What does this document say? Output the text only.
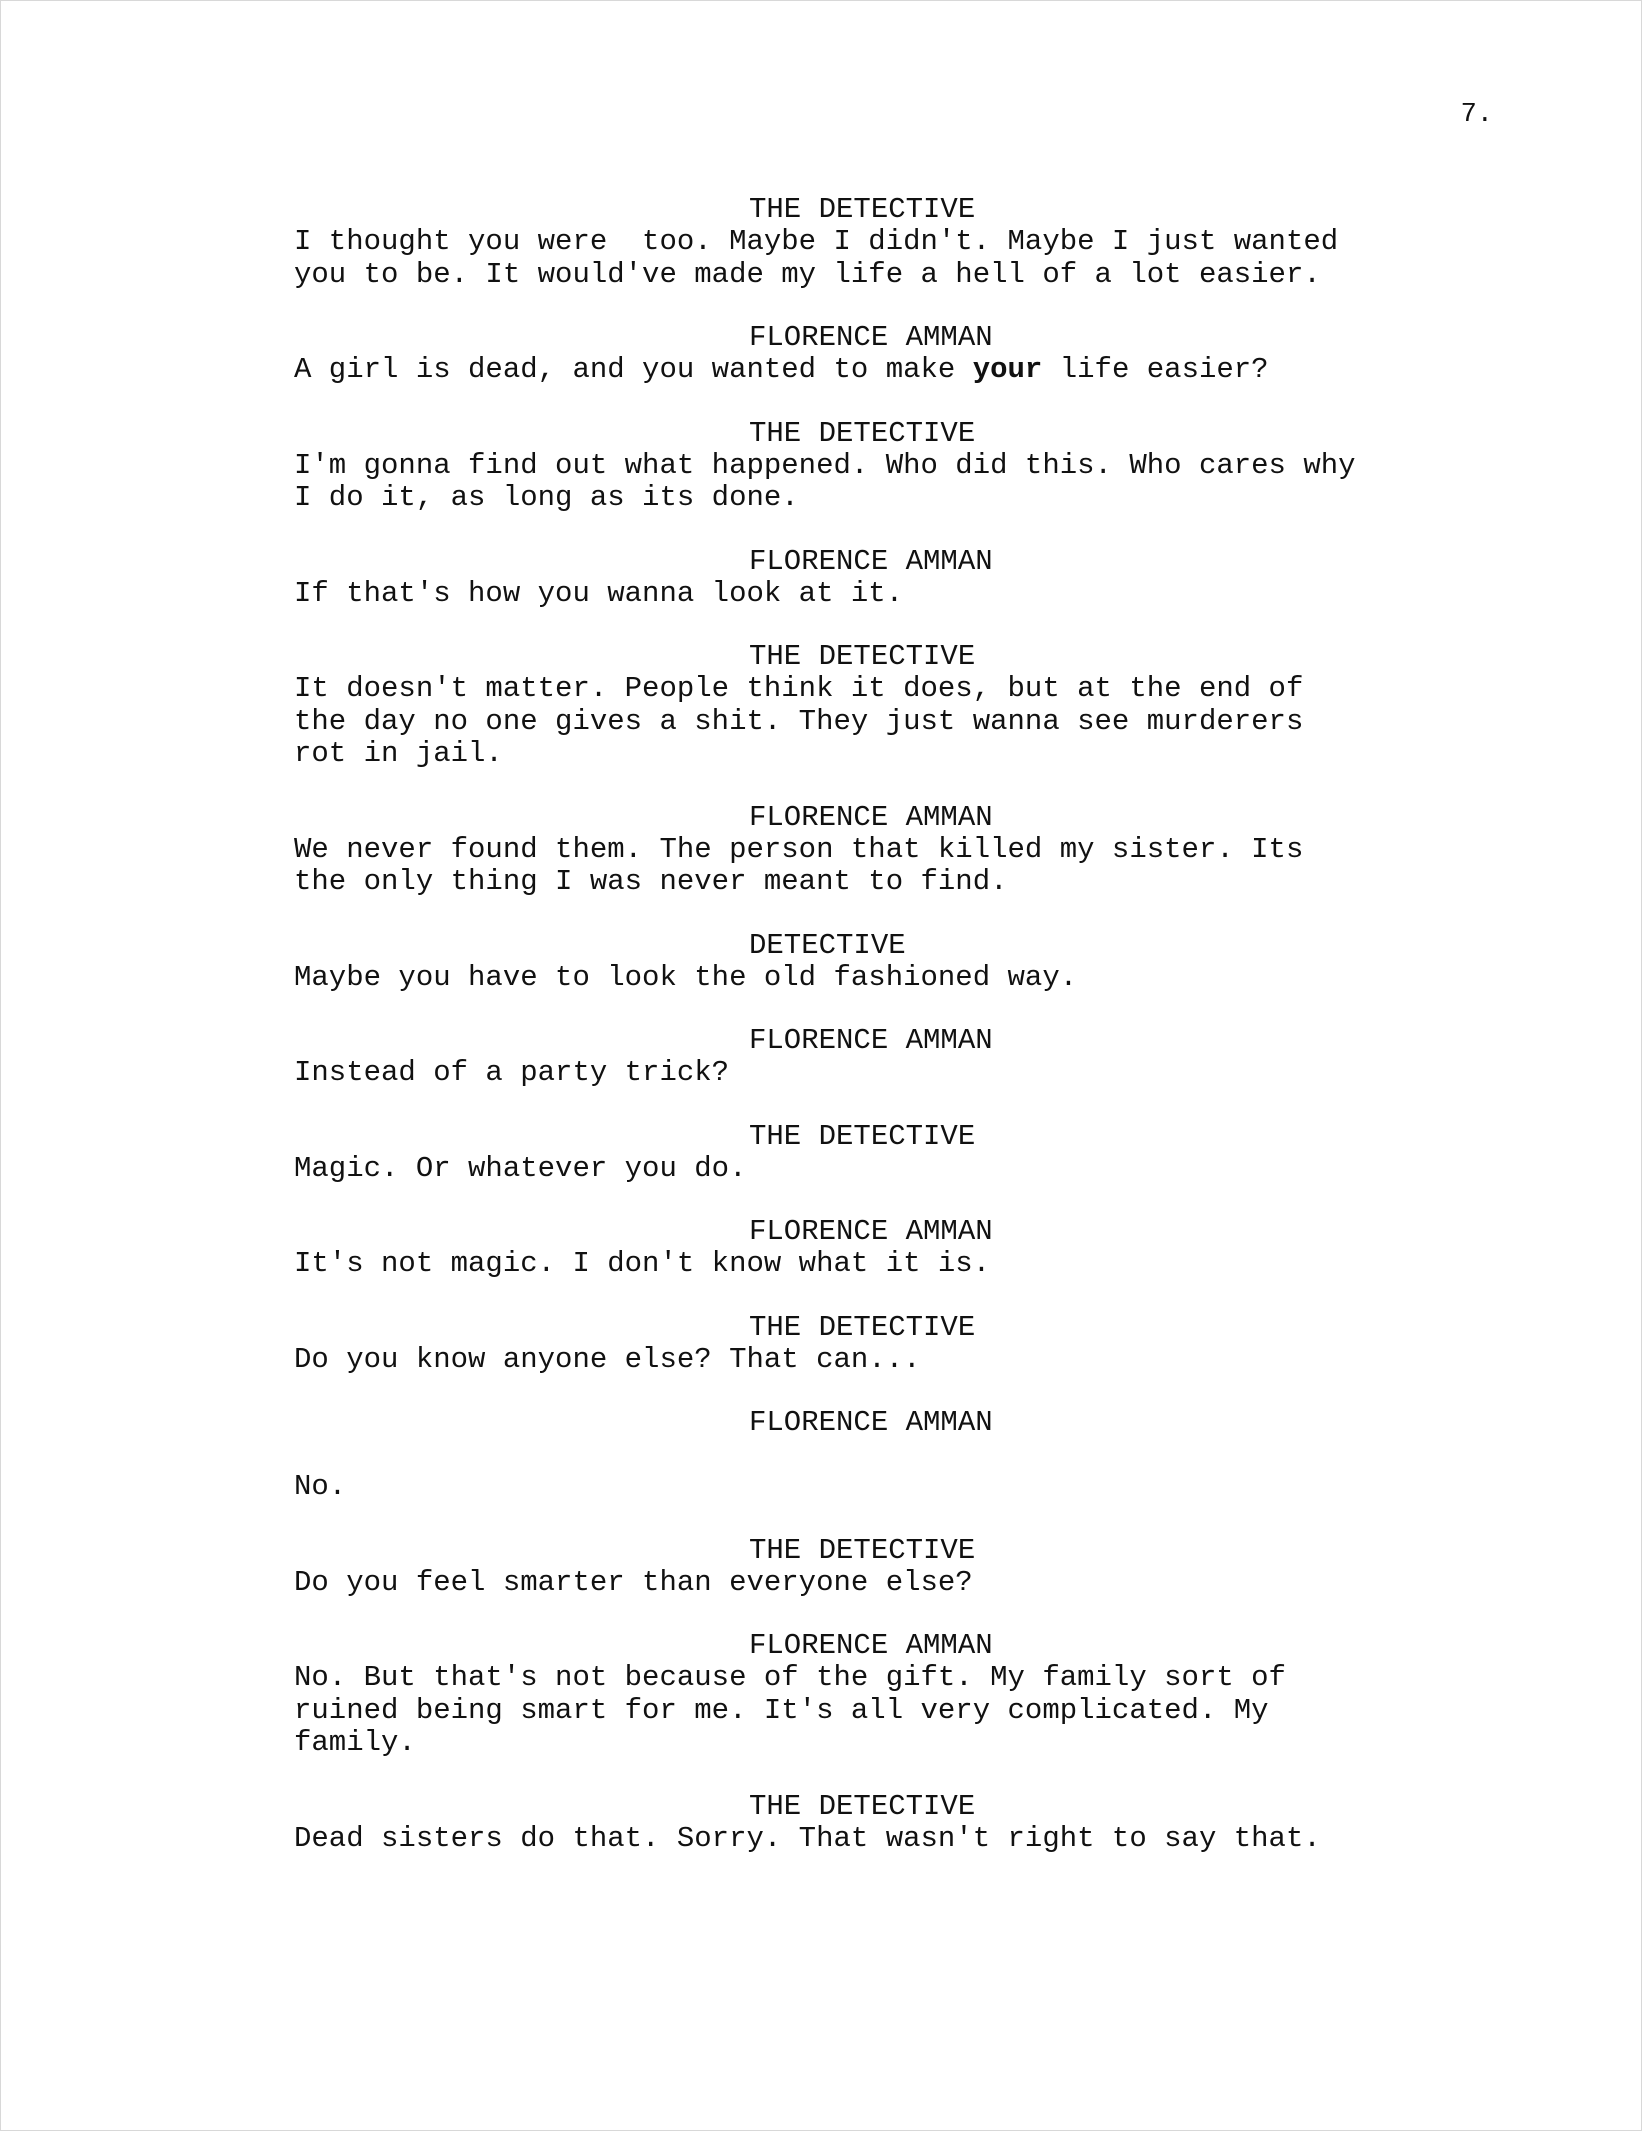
7.
THE DETECTIVE
I thought you were  too. Maybe I didn't. Maybe I just wanted
you to be. It would've made my life a hell of a lot easier.
FLORENCE AMMAN
A girl is dead, and you wanted to make your life easier?
THE DETECTIVE
I'm gonna find out what happened. Who did this. Who cares why
I do it, as long as its done.
FLORENCE AMMAN
If that's how you wanna look at it.
THE DETECTIVE
It doesn't matter. People think it does, but at the end of
the day no one gives a shit. They just wanna see murderers
rot in jail.
FLORENCE AMMAN
We never found them. The person that killed my sister. Its
the only thing I was never meant to find.
DETECTIVE
Maybe you have to look the old fashioned way.
FLORENCE AMMAN
Instead of a party trick?
THE DETECTIVE
Magic. Or whatever you do.
FLORENCE AMMAN
It's not magic. I don't know what it is.
THE DETECTIVE
Do you know anyone else? That can...
FLORENCE AMMAN
No.
THE DETECTIVE
Do you feel smarter than everyone else?
FLORENCE AMMAN
No. But that's not because of the gift. My family sort of
ruined being smart for me. It's all very complicated. My
family.
THE DETECTIVE
Dead sisters do that. Sorry. That wasn't right to say that.
